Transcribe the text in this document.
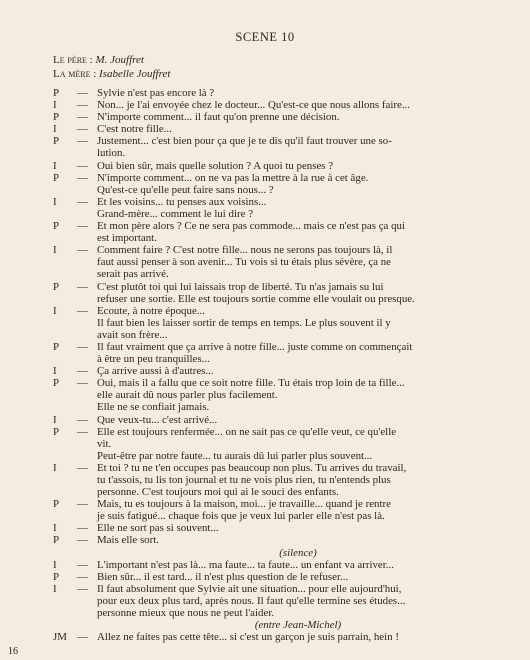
SCENE 10
Le père : M. Jouffret
La mère : Isabelle Jouffret
P	— Sylvie n'est pas encore là ?
I	— Non... je l'ai envoyée chez le docteur... Qu'est-ce que nous allons faire...
P	— N'importe comment... il faut qu'on prenne une décision.
I	— C'est notre fille...
P	— Justement... c'est bien pour ça que je te dis qu'il faut trouver une so-
lution.
I	— Oui bien sûr, mais quelle solution ? A quoi tu penses ?
P	— N'importe comment... on ne va pas la mettre à la rue à cet âge.
Qu'est-ce qu'elle peut faire sans nous... ?
I	— Et les voisins... tu penses aux voisins...
Grand-mère... comment le lui dire ?
P	— Et mon père alors ? Ce ne sera pas commode... mais ce n'est pas ça qui
est important.
I	— Comment faire ? C'est notre fille... nous ne serons pas toujours là, il
faut aussi penser à son avenir... Tu vois si tu étais plus sévère, ça ne
serait pas arrivé.
P	— C'est plutôt toi qui lui laissais trop de liberté. Tu n'as jamais su lui
refuser une sortie. Elle est toujours sortie comme elle voulait ou presque.
I	— Ecoute, à notre époque...
Il faut bien les laisser sortir de temps en temps. Le plus souvent il y
avait son frère...
P	— Il faut vraiment que ça arrive à notre fille... juste comme on commençait
à être un peu tranquilles...
I	— Ça arrive aussi à d'autres...
P	— Oui, mais il a fallu que ce soit notre fille. Tu étais trop loin de ta fille...
elle aurait dû nous parler plus facilement.
Elle ne se confiait jamais.
I	— Que veux-tu... c'est arrivé...
P	— Elle est toujours renfermée... on ne sait pas ce qu'elle veut, ce qu'elle
vit.
Peut-être par notre faute... tu aurais dû lui parler plus souvent...
I	— Et toi ? tu ne t'en occupes pas beaucoup non plus. Tu arrives du travail,
tu t'assois, tu lis ton journal et tu ne vois plus rien, tu n'entends plus
personne. C'est toujours moi qui ai le souci des enfants.
P	— Mais, tu es toujours à la maison, moi... je travaille... quand je rentre
je suis fatigué... chaque fois que je veux lui parler elle n'est pas là.
I	— Elle ne sort pas si souvent...
P	— Mais elle sort.
(silence)
I	— L'important n'est pas là... ma faute... ta faute... un enfant va arriver...
P	— Bien sûr... il est tard... il n'est plus question de le refuser...
I	— Il faut absolument que Sylvie ait une situation... pour elle aujourd'hui,
pour eux deux plus tard, après nous. Il faut qu'elle termine ses études...
personne mieux que nous ne peut l'aider.
(entre Jean-Michel)
JM — Allez ne faites pas cette tête... si c'est un garçon je suis parrain, hein !
16
